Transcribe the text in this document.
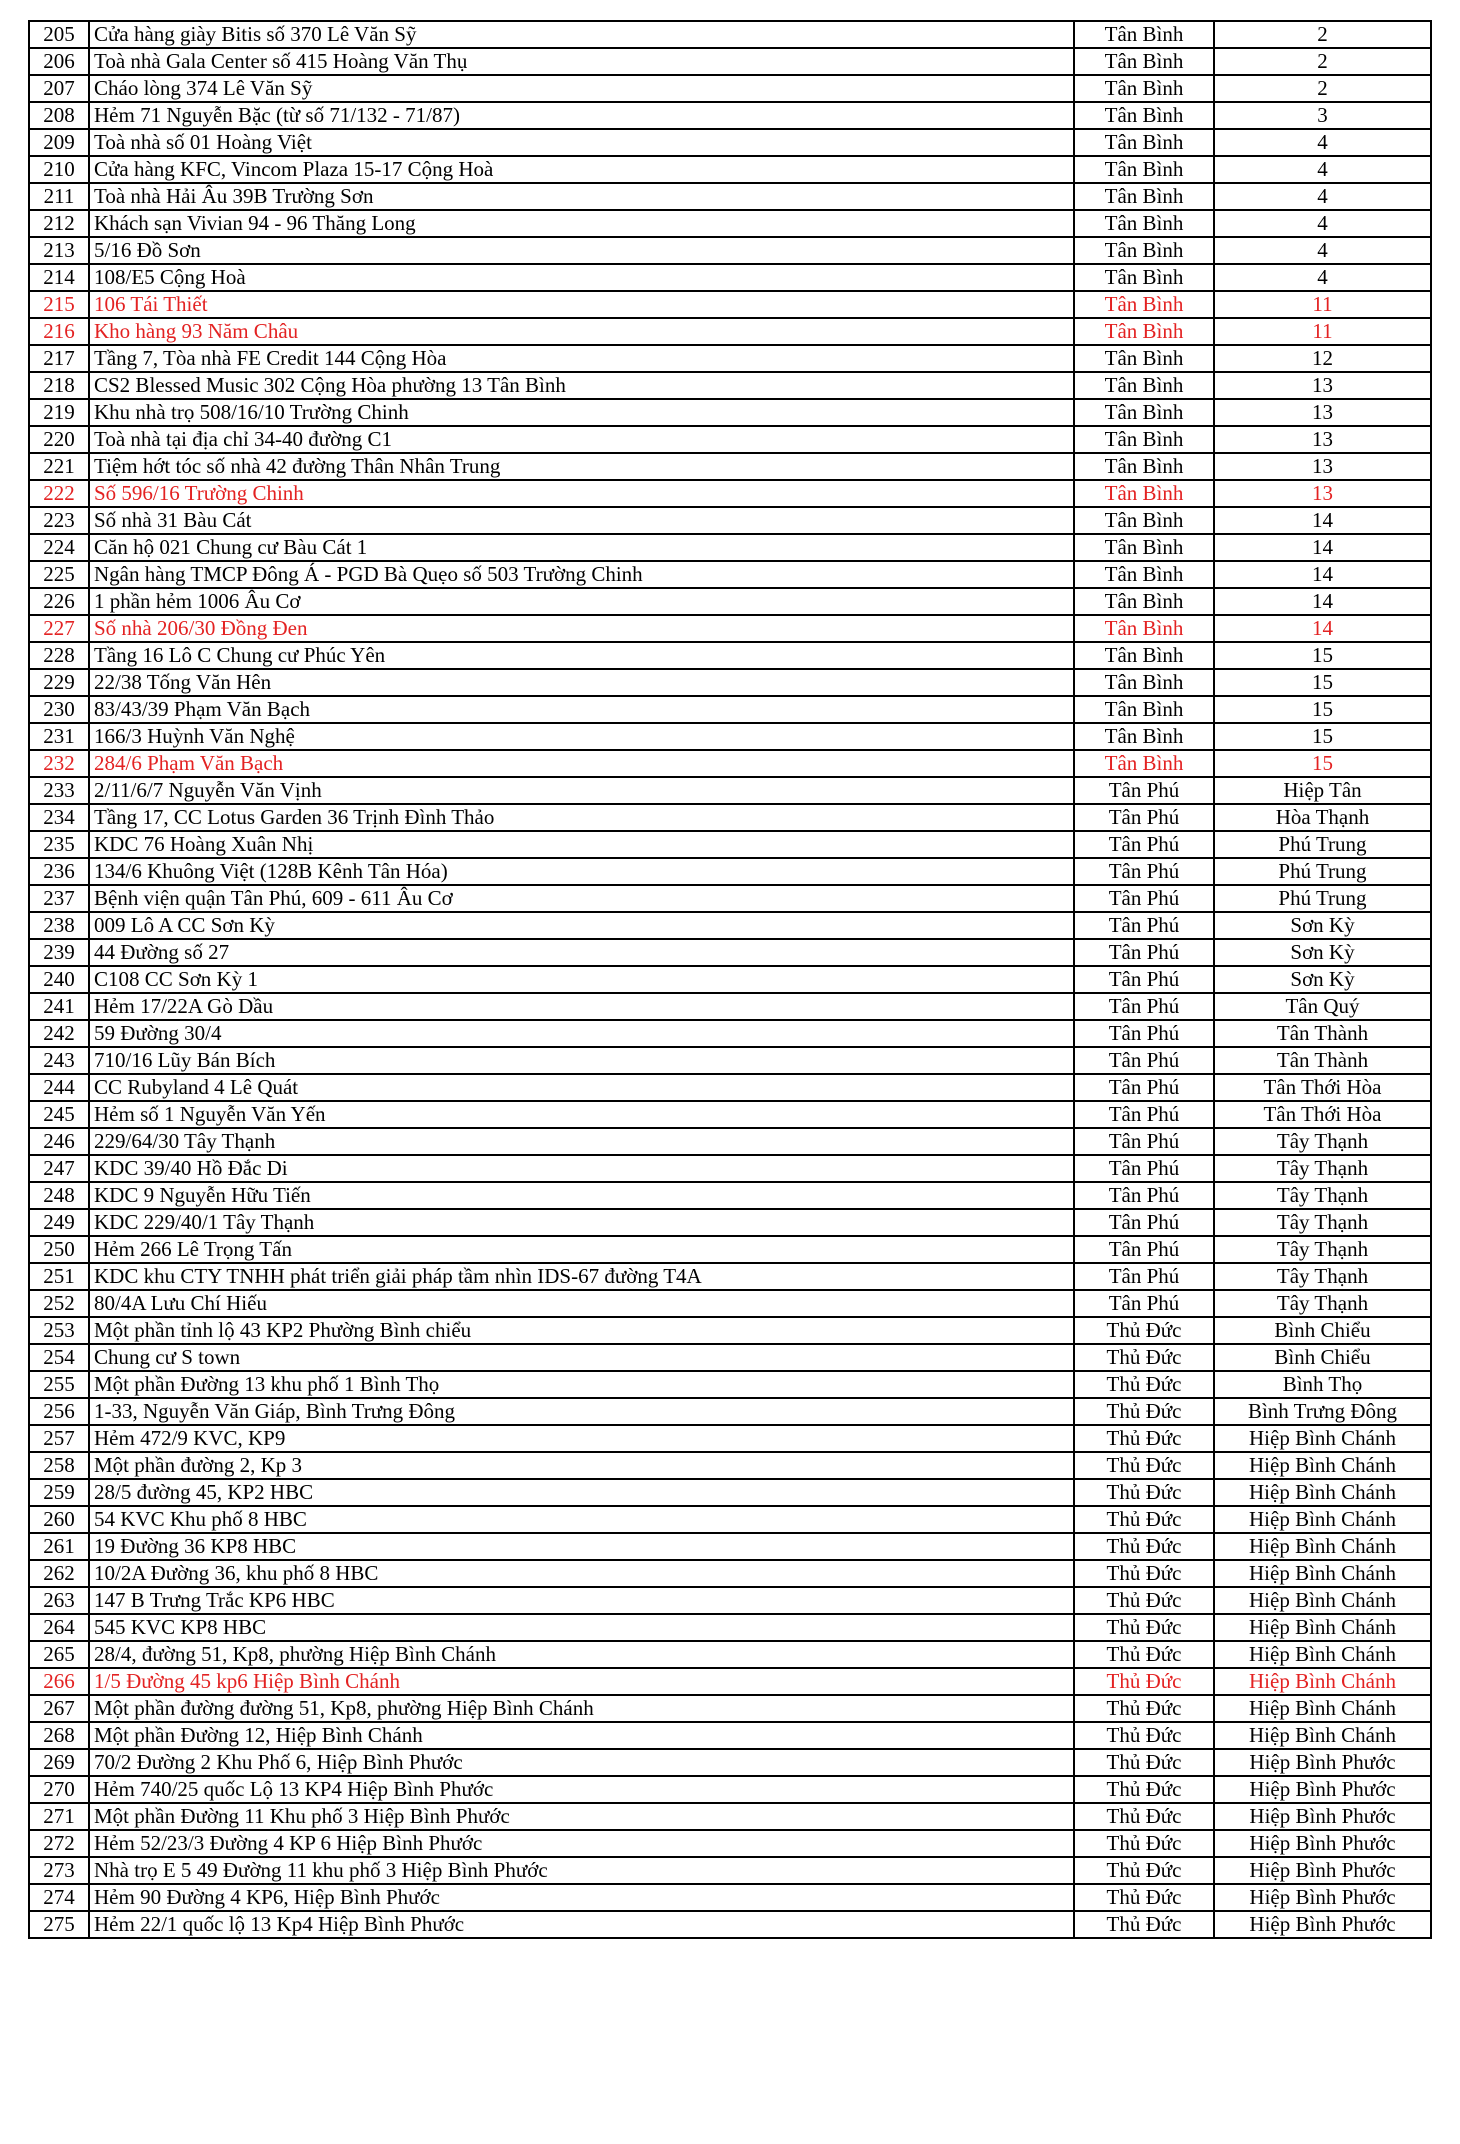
205	Cửa hàng giày Bitis số 370 Lê Văn Sỹ	Tân Bình	2
206	Toà nhà Gala Center số 415 Hoàng Văn Thụ	Tân Bình	2
207	Cháo lòng 374 Lê Văn Sỹ	Tân Bình	2
208	Hẻm 71 Nguyễn Bặc (từ số 71/132 - 71/87)	Tân Bình	3
209	Toà nhà số 01 Hoàng Việt	Tân Bình	4
210	Cửa hàng KFC, Vincom Plaza 15-17 Cộng Hoà	Tân Bình	4
211	Toà nhà Hải Âu 39B Trường Sơn	Tân Bình	4
212	Khách sạn Vivian 94 - 96 Thăng Long	Tân Bình	4
213	5/16 Đồ Sơn	Tân Bình	4
214	108/E5 Cộng Hoà	Tân Bình	4
215	106 Tái Thiết	Tân Bình	11
216	Kho hàng 93 Năm Châu	Tân Bình	11
217	Tầng 7, Tòa nhà FE Credit 144 Cộng Hòa	Tân Bình	12
218	CS2 Blessed Music 302 Cộng Hòa phường 13 Tân Bình	Tân Bình	13
219	Khu nhà trọ 508/16/10 Trường Chinh	Tân Bình	13
220	Toà nhà tại địa chỉ 34-40 đường C1	Tân Bình	13
221	Tiệm hớt tóc số nhà 42 đường Thân Nhân Trung	Tân Bình	13
222	Số 596/16 Trường Chinh	Tân Bình	13
223	Số nhà 31 Bàu Cát	Tân Bình	14
224	Căn hộ 021 Chung cư Bàu Cát 1	Tân Bình	14
225	Ngân hàng TMCP Đông Á - PGD Bà Quẹo số 503 Trường Chinh	Tân Bình	14
226	1 phần hẻm 1006 Âu Cơ	Tân Bình	14
227	Số nhà 206/30 Đồng Đen	Tân Bình	14
228	Tầng 16 Lô C Chung cư Phúc Yên	Tân Bình	15
229	22/38 Tống Văn Hên	Tân Bình	15
230	83/43/39 Phạm Văn Bạch	Tân Bình	15
231	166/3 Huỳnh Văn Nghệ	Tân Bình	15
232	284/6 Phạm Văn Bạch	Tân Bình	15
233	2/11/6/7 Nguyễn Văn Vịnh	Tân Phú	Hiệp Tân
234	Tầng 17, CC Lotus Garden 36 Trịnh Đình Thảo	Tân Phú	Hòa Thạnh
235	KDC 76 Hoàng Xuân Nhị	Tân Phú	Phú Trung
236	134/6 Khuông Việt (128B Kênh Tân Hóa)	Tân Phú	Phú Trung
237	Bệnh viện quận Tân Phú, 609 - 611 Âu Cơ	Tân Phú	Phú Trung
238	009 Lô A CC Sơn Kỳ	Tân Phú	Sơn Kỳ
239	44 Đường số 27	Tân Phú	Sơn Kỳ
240	C108 CC Sơn Kỳ 1	Tân Phú	Sơn Kỳ
241	Hẻm 17/22A Gò Dầu	Tân Phú	Tân Quý
242	59 Đường 30/4	Tân Phú	Tân Thành
243	710/16 Lũy Bán Bích	Tân Phú	Tân Thành
244	CC Rubyland 4 Lê Quát	Tân Phú	Tân Thới Hòa
245	Hẻm số 1 Nguyễn Văn Yến	Tân Phú	Tân Thới Hòa
246	229/64/30 Tây Thạnh	Tân Phú	Tây Thạnh
247	KDC 39/40 Hồ Đắc Di	Tân Phú	Tây Thạnh
248	KDC 9 Nguyễn Hữu Tiến	Tân Phú	Tây Thạnh
249	KDC 229/40/1 Tây Thạnh	Tân Phú	Tây Thạnh
250	Hẻm 266 Lê Trọng Tấn	Tân Phú	Tây Thạnh
251	KDC khu CTY TNHH phát triển giải pháp tầm nhìn IDS-67 đường T4A	Tân Phú	Tây Thạnh
252	80/4A Lưu Chí Hiếu	Tân Phú	Tây Thạnh
253	Một phần tỉnh lộ 43 KP2 Phường Bình chiểu	Thủ Đức	Bình Chiểu
254	Chung cư S town	Thủ Đức	Bình Chiểu
255	Một phần Đường 13 khu phố 1 Bình Thọ	Thủ Đức	Bình Thọ
256	1-33, Nguyễn Văn Giáp, Bình Trưng Đông	Thủ Đức	Bình Trưng Đông
257	Hẻm 472/9 KVC, KP9	Thủ Đức	Hiệp Bình Chánh
258	Một phần đường 2, Kp 3	Thủ Đức	Hiệp Bình Chánh
259	28/5 đường 45, KP2 HBC	Thủ Đức	Hiệp Bình Chánh
260	54 KVC Khu phố 8 HBC	Thủ Đức	Hiệp Bình Chánh
261	19 Đường 36 KP8 HBC	Thủ Đức	Hiệp Bình Chánh
262	10/2A Đường 36, khu phố 8 HBC	Thủ Đức	Hiệp Bình Chánh
263	147 B Trưng Trắc KP6 HBC	Thủ Đức	Hiệp Bình Chánh
264	545 KVC KP8 HBC	Thủ Đức	Hiệp Bình Chánh
265	28/4, đường 51, Kp8, phường Hiệp Bình Chánh	Thủ Đức	Hiệp Bình Chánh
266	1/5 Đường 45 kp6 Hiệp Bình Chánh	Thủ Đức	Hiệp Bình Chánh
267	Một phần đường đường 51, Kp8, phường Hiệp Bình Chánh	Thủ Đức	Hiệp Bình Chánh
268	Một phần Đường 12, Hiệp Bình Chánh	Thủ Đức	Hiệp Bình Chánh
269	70/2 Đường 2 Khu Phố 6, Hiệp Bình Phước	Thủ Đức	Hiệp Bình Phước
270	Hẻm 740/25 quốc Lộ 13 KP4 Hiệp Bình Phước	Thủ Đức	Hiệp Bình Phước
271	Một phần Đường 11 Khu phố 3 Hiệp Bình Phước	Thủ Đức	Hiệp Bình Phước
272	Hẻm 52/23/3 Đường 4 KP 6 Hiệp Bình Phước	Thủ Đức	Hiệp Bình Phước
273	Nhà trọ E 5 49 Đường 11 khu phố 3 Hiệp Bình Phước	Thủ Đức	Hiệp Bình Phước
274	Hẻm 90 Đường 4 KP6, Hiệp Bình Phước	Thủ Đức	Hiệp Bình Phước
275	Hẻm 22/1 quốc lộ 13 Kp4 Hiệp Bình Phước	Thủ Đức	Hiệp Bình Phước
